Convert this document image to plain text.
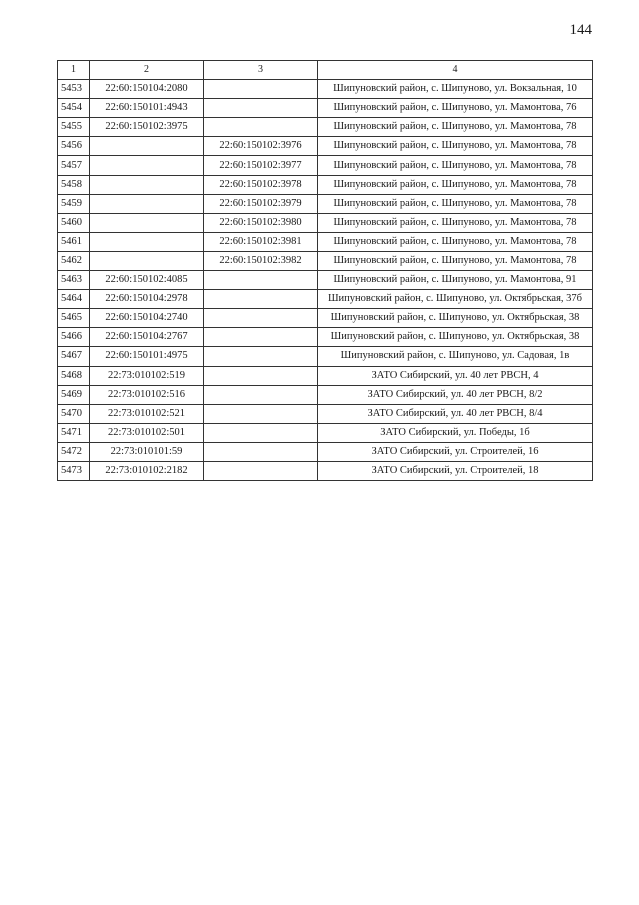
144
1	2	3	4
5453	22:60:150104:2080		Шипуновский район, с. Шипуново, ул. Вокзальная, 10
5454	22:60:150101:4943		Шипуновский район, с. Шипуново, ул. Мамонтова, 76
5455	22:60:150102:3975		Шипуновский район, с. Шипуново, ул. Мамонтова, 78
5456		22:60:150102:3976	Шипуновский район, с. Шипуново, ул. Мамонтова, 78
5457		22:60:150102:3977	Шипуновский район, с. Шипуново, ул. Мамонтова, 78
5458		22:60:150102:3978	Шипуновский район, с. Шипуново, ул. Мамонтова, 78
5459		22:60:150102:3979	Шипуновский район, с. Шипуново, ул. Мамонтова, 78
5460		22:60:150102:3980	Шипуновский район, с. Шипуново, ул. Мамонтова, 78
5461		22:60:150102:3981	Шипуновский район, с. Шипуново, ул. Мамонтова, 78
5462		22:60:150102:3982	Шипуновский район, с. Шипуново, ул. Мамонтова, 78
5463	22:60:150102:4085		Шипуновский район, с. Шипуново, ул. Мамонтова, 91
5464	22:60:150104:2978		Шипуновский район, с. Шипуново, ул. Октябрьская, 37б
5465	22:60:150104:2740		Шипуновский район, с. Шипуново, ул. Октябрьская, 38
5466	22:60:150104:2767		Шипуновский район, с. Шипуново, ул. Октябрьская, 38
5467	22:60:150101:4975		Шипуновский район, с. Шипуново, ул. Садовая, 1в
5468	22:73:010102:519		ЗАТО Сибирский, ул. 40 лет РВСН, 4
5469	22:73:010102:516		ЗАТО Сибирский, ул. 40 лет РВСН, 8/2
5470	22:73:010102:521		ЗАТО Сибирский, ул. 40 лет РВСН, 8/4
5471	22:73:010102:501		ЗАТО Сибирский, ул. Победы, 1б
5472	22:73:010101:59		ЗАТО Сибирский, ул. Строителей, 16
5473	22:73:010102:2182		ЗАТО Сибирский, ул. Строителей, 18
